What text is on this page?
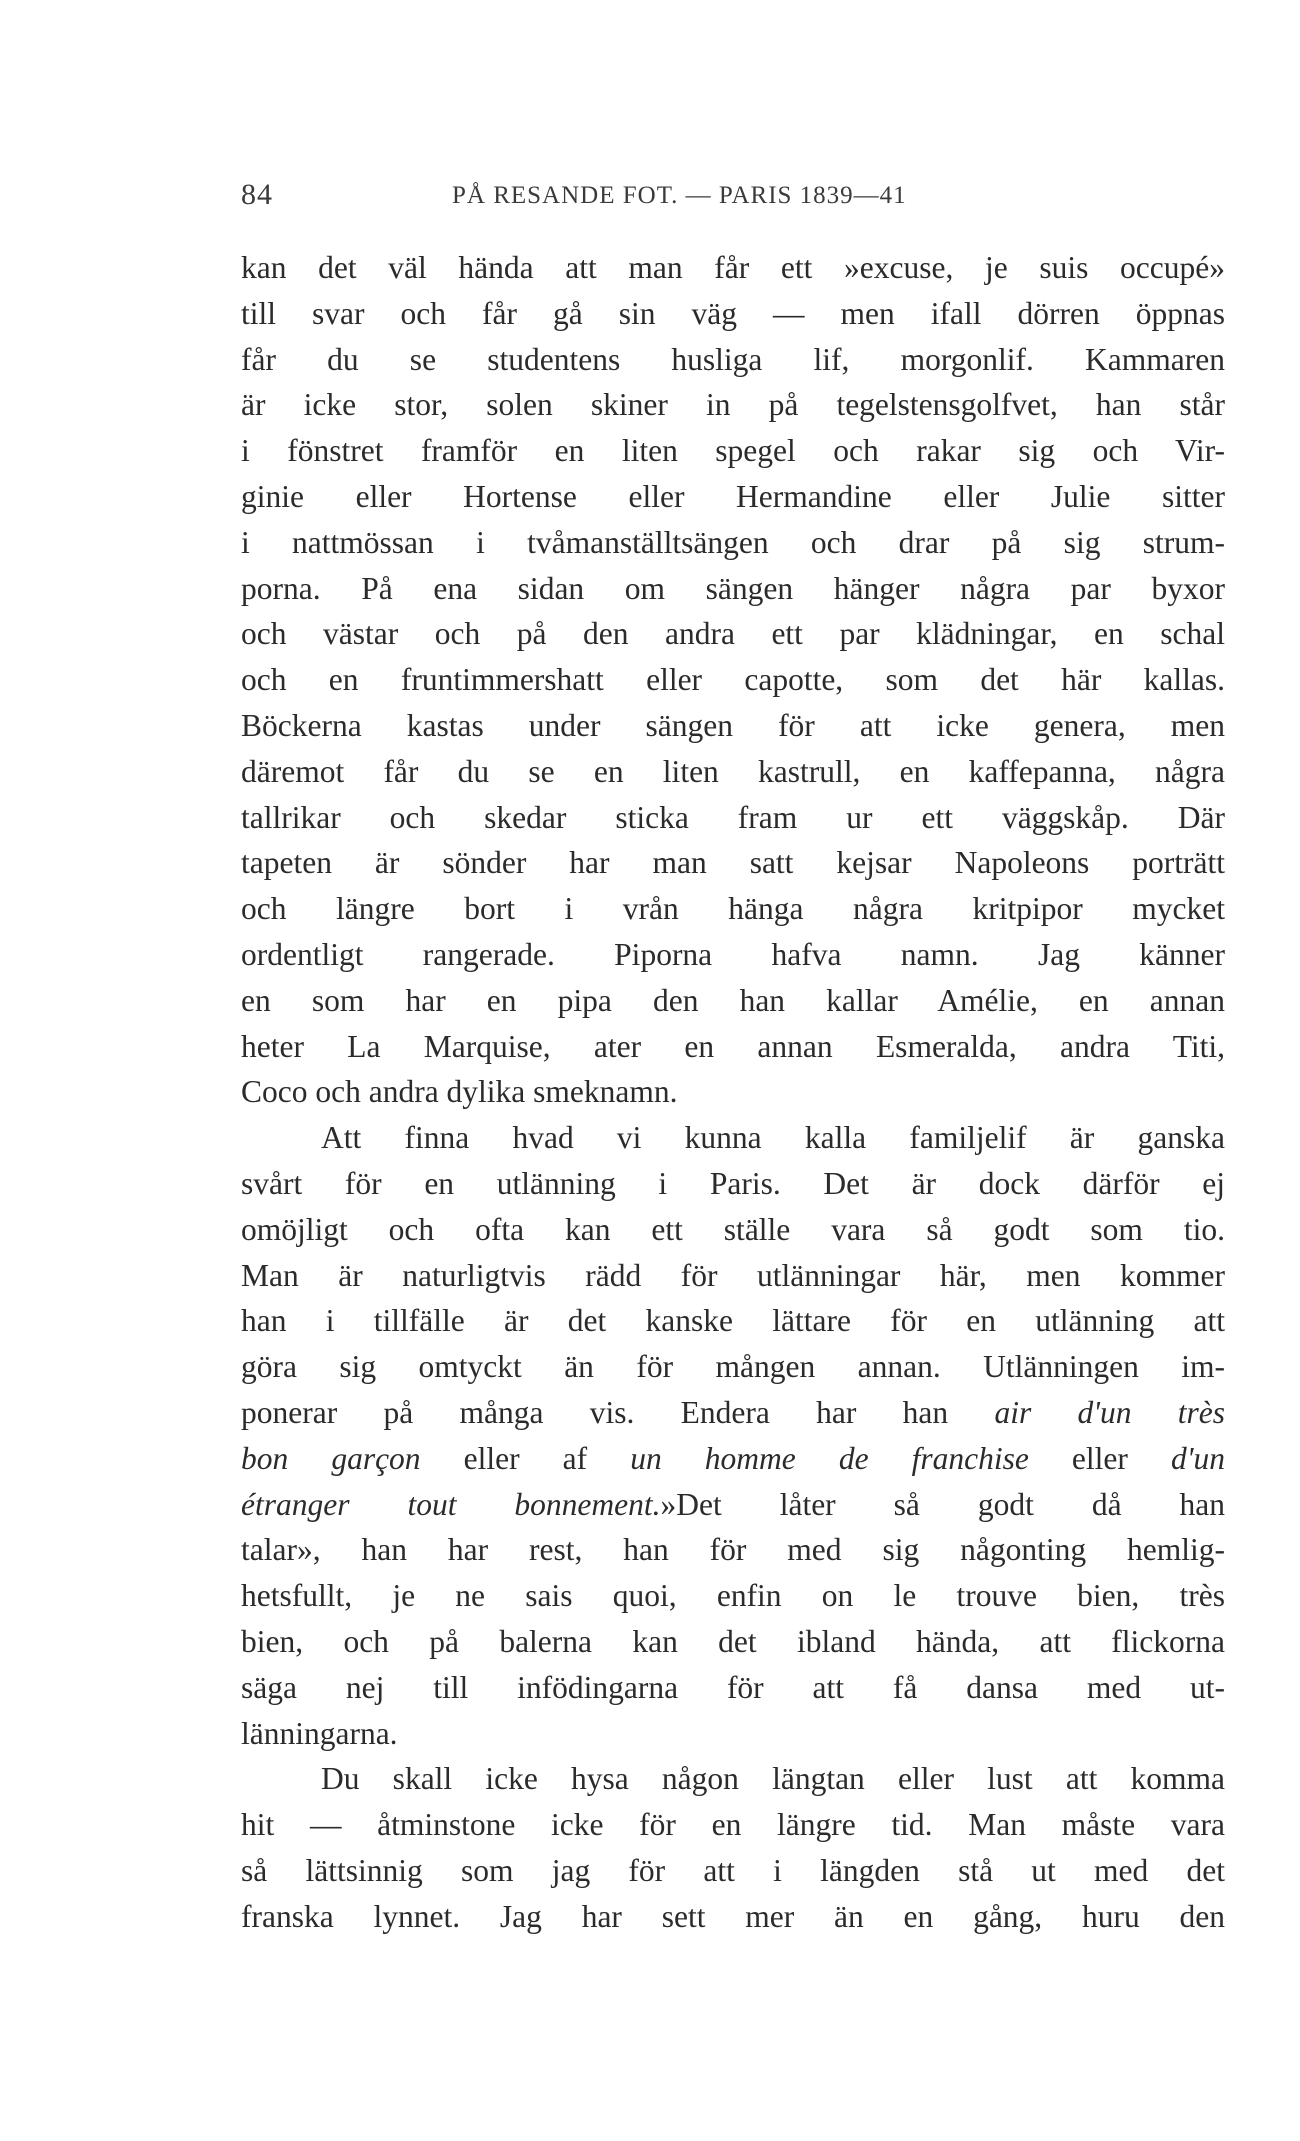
84	PÅ RESANDE FOT. — PARIS 1839—41
kan det väl hända att man får ett »excuse, je suis occupé»
till svar och får gå sin väg — men ifall dörren öppnas
får du se studentens husliga lif, morgonlif. Kammaren
är icke stor, solen skiner in på tegelstensgolfvet, han står
i fönstret framför en liten spegel och rakar sig och Vir-
ginie eller Hortense eller Hermandine eller Julie sitter
i nattmössan i tvåmanställtsängen och drar på sig strum-
porna. På ena sidan om sängen hänger några par byxor
och västar och på den andra ett par klädningar, en schal
och en fruntimmershatt eller capotte, som det här kallas.
Böckerna kastas under sängen för att icke genera, men
däremot får du se en liten kastrull, en kaffepanna, några
tallrikar och skedar sticka fram ur ett väggskåp. Där
tapeten är sönder har man satt kejsar Napoleons porträtt
och längre bort i vrån hänga några kritpipor mycket
ordentligt rangerade. Piporna hafva namn. Jag känner
en som har en pipa den han kallar Amélie, en annan
heter La Marquise, ater en annan Esmeralda, andra Titi,
Coco och andra dylika smeknamn.
Att finna hvad vi kunna kalla familjelif är ganska
svårt för en utlänning i Paris. Det är dock därför ej
omöjligt och ofta kan ett ställe vara så godt som tio.
Man är naturligtvis rädd för utlänningar här, men kommer
han i tillfälle är det kanske lättare för en utlänning att
göra sig omtyckt än för mången annan. Utlänningen im-
ponerar på många vis. Endera har han air d'un très
bon garçon eller af un homme de franchise eller d'un
étranger tout bonnement.»Det låter så godt då han
talar», han har rest, han för med sig någonting hemlig-
hetsfullt, je ne sais quoi, enfin on le trouve bien, très
bien, och på balerna kan det ibland hända, att flickorna
säga nej till infödingarna för att få dansa med ut-
länningarna.
Du skall icke hysa någon längtan eller lust att komma
hit — åtminstone icke för en längre tid. Man måste vara
så lättsinnig som jag för att i längden stå ut med det
franska lynnet. Jag har sett mer än en gång, huru den
